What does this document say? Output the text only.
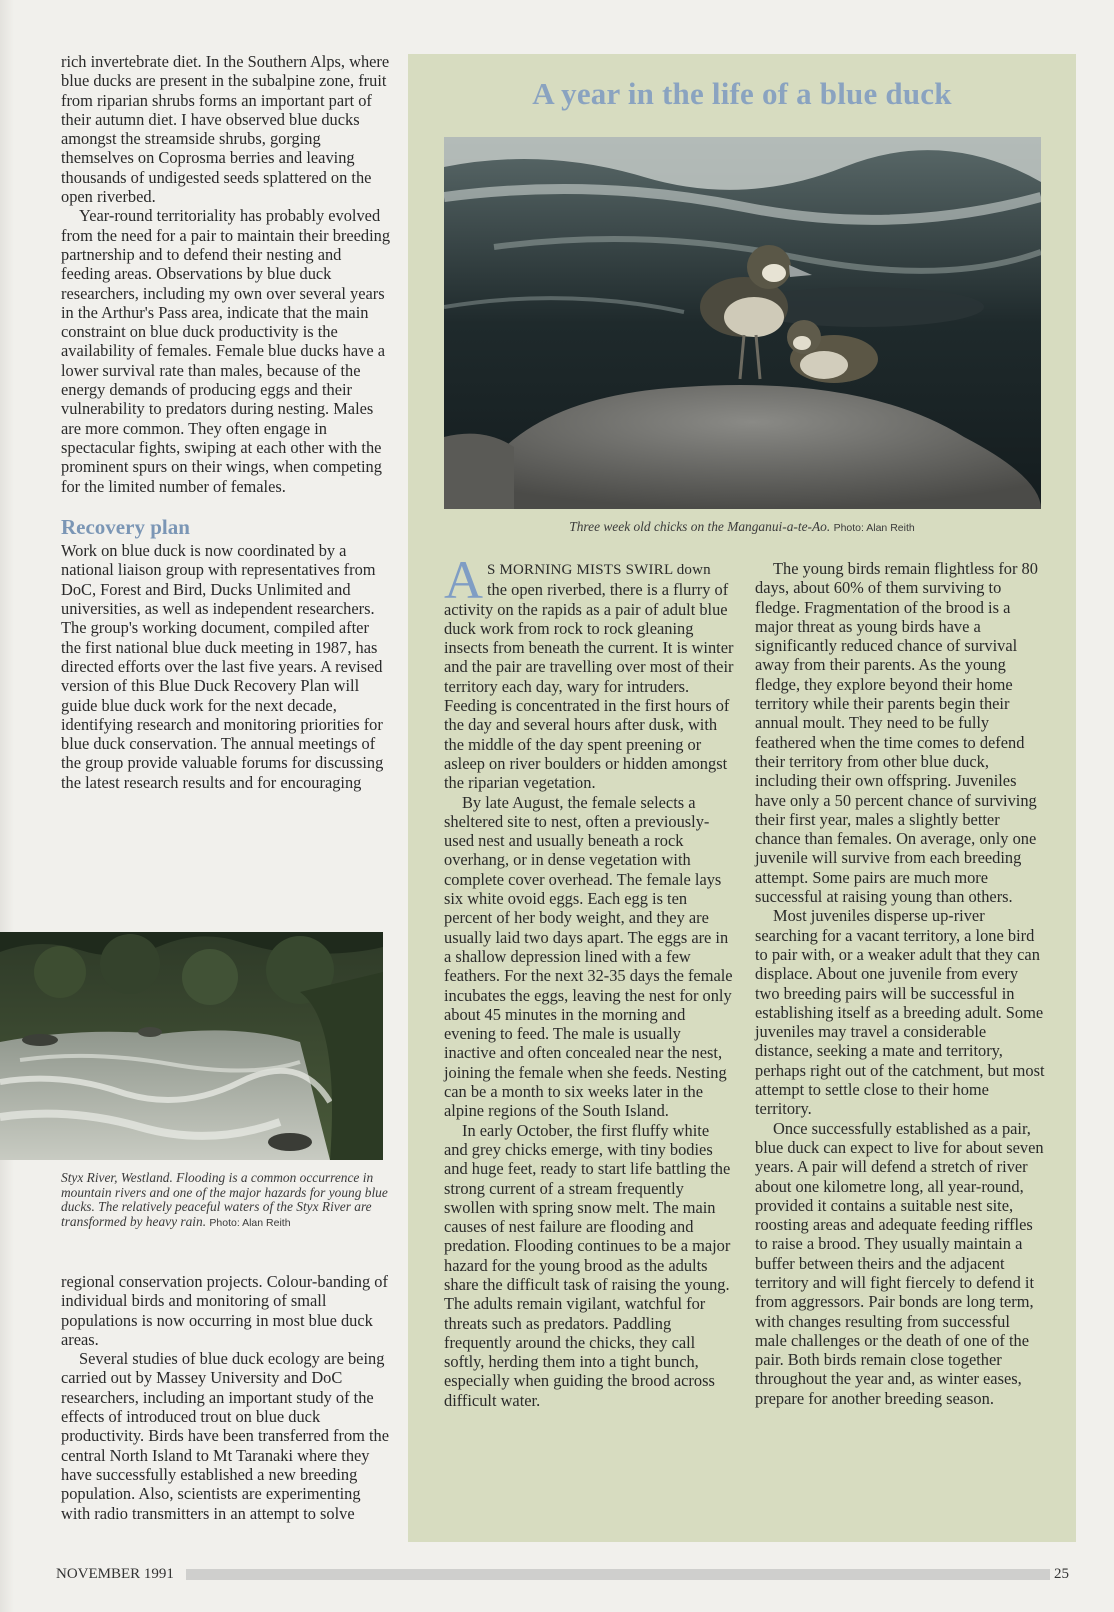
rich invertebrate diet. In the Southern Alps, where blue ducks are present in the subalpine zone, fruit from riparian shrubs forms an important part of their autumn diet. I have observed blue ducks amongst the streamside shrubs, gorging themselves on Coprosma berries and leaving thousands of undigested seeds splattered on the open riverbed.

Year-round territoriality has probably evolved from the need for a pair to maintain their breeding partnership and to defend their nesting and feeding areas. Observations by blue duck researchers, including my own over several years in the Arthur's Pass area, indicate that the main constraint on blue duck productivity is the availability of females. Female blue ducks have a lower survival rate than males, because of the energy demands of producing eggs and their vulnerability to predators during nesting. Males are more common. They often engage in spectacular fights, swiping at each other with the prominent spurs on their wings, when competing for the limited number of females.

Recovery plan

Work on blue duck is now coordinated by a national liaison group with representatives from DoC, Forest and Bird, Ducks Unlimited and universities, as well as independent researchers. The group's working document, compiled after the first national blue duck meeting in 1987, has directed efforts over the last five years. A revised version of this Blue Duck Recovery Plan will guide blue duck work for the next decade, identifying research and monitoring priorities for blue duck conservation. The annual meetings of the group provide valuable forums for discussing the latest research results and for encouraging

Styx River, Westland. Flooding is a common occurrence in mountain rivers and one of the major hazards for young blue ducks. The relatively peaceful waters of the Styx River are transformed by heavy rain. Photo: Alan Reith

regional conservation projects. Colour-banding of individual birds and monitoring of small populations is now occurring in most blue duck areas.

Several studies of blue duck ecology are being carried out by Massey University and DoC researchers, including an important study of the effects of introduced trout on blue duck productivity. Birds have been transferred from the central North Island to Mt Taranaki where they have successfully established a new breeding population. Also, scientists are experimenting with radio transmitters in an attempt to solve

A year in the life of a blue duck
Three week old chicks on the Manganui-a-te-Ao. Photo: Alan Reith

A S MORNING MISTS SWIRL down the open riverbed, there is a flurry of activity on the rapids as a pair of adult blue duck work from rock to rock gleaning insects from beneath the current. It is winter and the pair are travelling over most of their territory each day, wary for intruders. Feeding is concentrated in the first hours of the day and several hours after dusk, with the middle of the day spent preening or asleep on river boulders or hidden amongst the riparian vegetation.

By late August, the female selects a sheltered site to nest, often a previously-used nest and usually beneath a rock overhang, or in dense vegetation with complete cover overhead. The female lays six white ovoid eggs. Each egg is ten percent of her body weight, and they are usually laid two days apart. The eggs are in a shallow depression lined with a few feathers. For the next 32-35 days the female incubates the eggs, leaving the nest for only about 45 minutes in the morning and evening to feed. The male is usually inactive and often concealed near the nest, joining the female when she feeds. Nesting can be a month to six weeks later in the alpine regions of the South Island.

In early October, the first fluffy white and grey chicks emerge, with tiny bodies and huge feet, ready to start life battling the strong current of a stream frequently swollen with spring snow melt. The main causes of nest failure are flooding and predation. Flooding continues to be a major hazard for the young brood as the adults share the difficult task of raising the young. The adults remain vigilant, watchful for threats such as predators. Paddling frequently around the chicks, they call softly, herding them into a tight bunch, especially when guiding the brood across difficult water.

The young birds remain flightless for 80 days, about 60% of them surviving to fledge. Fragmentation of the brood is a major threat as young birds have a significantly reduced chance of survival away from their parents. As the young fledge, they explore beyond their home territory while their parents begin their annual moult. They need to be fully feathered when the time comes to defend their territory from other blue duck, including their own offspring. Juveniles have only a 50 percent chance of surviving their first year, males a slightly better chance than females. On average, only one juvenile will survive from each breeding attempt. Some pairs are much more successful at raising young than others.

Most juveniles disperse up-river searching for a vacant territory, a lone bird to pair with, or a weaker adult that they can displace. About one juvenile from every two breeding pairs will be successful in establishing itself as a breeding adult. Some juveniles may travel a considerable distance, seeking a mate and territory, perhaps right out of the catchment, but most attempt to settle close to their home territory.

Once successfully established as a pair, blue duck can expect to live for about seven years. A pair will defend a stretch of river about one kilometre long, all year-round, provided it contains a suitable nest site, roosting areas and adequate feeding riffles to raise a brood. They usually maintain a buffer between theirs and the adjacent territory and will fight fiercely to defend it from aggressors. Pair bonds are long term, with changes resulting from successful male challenges or the death of one of the pair. Both birds remain close together throughout the year and, as winter eases, prepare for another breeding season.

NOVEMBER 1991	25
